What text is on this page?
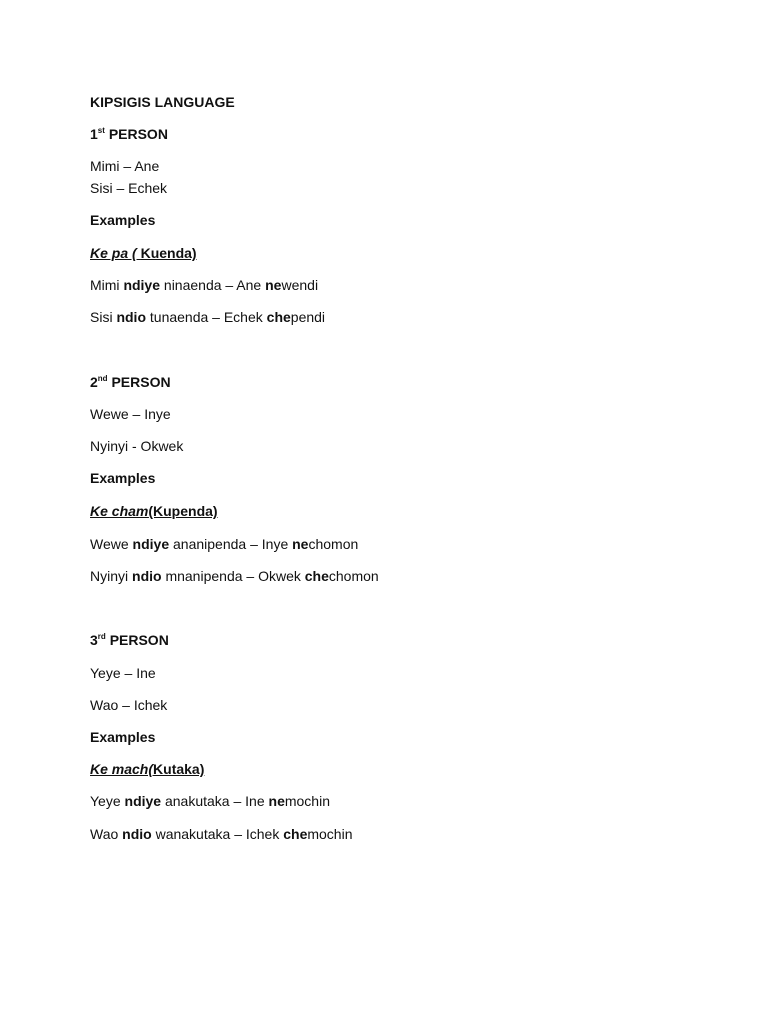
KIPSIGIS LANGUAGE
1st PERSON
Mimi – Ane
Sisi – Echek
Examples
Ke pa ( Kuenda)
Mimi ndiye ninaenda – Ane newendi
Sisi ndio tunaenda – Echek chependi
2nd PERSON
Wewe – Inye
Nyinyi - Okwek
Examples
Ke cham(Kupenda)
Wewe ndiye ananipenda – Inye nechomon
Nyinyi ndio mnanipenda – Okwek chechomon
3rd PERSON
Yeye – Ine
Wao – Ichek
Examples
Ke mach(Kutaka)
Yeye ndiye anakutaka – Ine nemochin
Wao ndio wanakutaka – Ichek chemochin
